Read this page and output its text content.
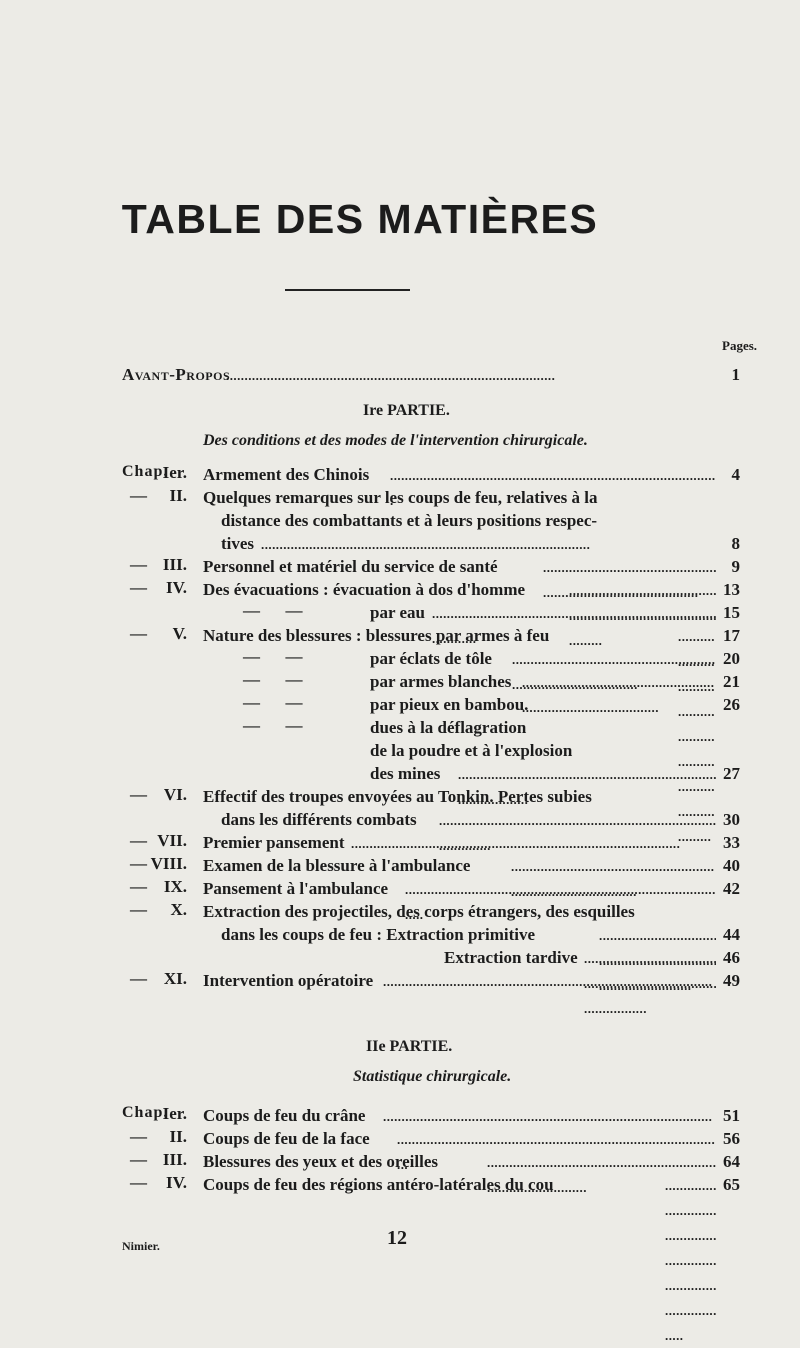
TABLE DES MATIÈRES
Pages.
Avant-Propos . . .	1
Ire PARTIE.
Des conditions et des modes de l'intervention chirurgicale.
Chap.
Ier. Armement des Chinois . . .	4
—	II. Quelques remarques sur les coups de feu, relatives à la
distance des combattants et à leurs positions respec-
tives . . .	8
— III. Personnel et matériel du service de santé . . .	9
—	IV. Des évacuations : évacuation à dos d'homme . . .	13
—      —	par eau . . .	15
—	V. Nature des blessures : blessures par armes à feu . . .	17
—      —	par éclats de tôle . . .	20
—      —	par armes blanches . . .	21
—      —	par pieux en bambou.	26
—      —	dues à la déflagration
de la poudre et à l'explosion
des mines . . .	27
— VI. Effectif des troupes envoyées au Tonkin. Pertes subies
dans les différents combats . . .	30
— VII. Premier pansement . . .	33
— VIII. Examen de la blessure à l'ambulance . . .	40
— IX. Pansement à l'ambulance . . .	42
—	X. Extraction des projectiles, des corps étrangers, des esquilles
dans les coups de feu : Extraction primitive . . .	44
Extraction tardive . . .	46
— XI. Intervention opératoire . . .	49
IIe PARTIE.
Statistique chirurgicale.
Chap.
Ier. Coups de feu du crâne . . .	51
—	II. Coups de feu de la face . . .	56
— III. Blessures des yeux et des oreilles . . .	64
—	IV. Coups de feu des régions antéro-latérales du cou . . .	65
Nimier.	12
